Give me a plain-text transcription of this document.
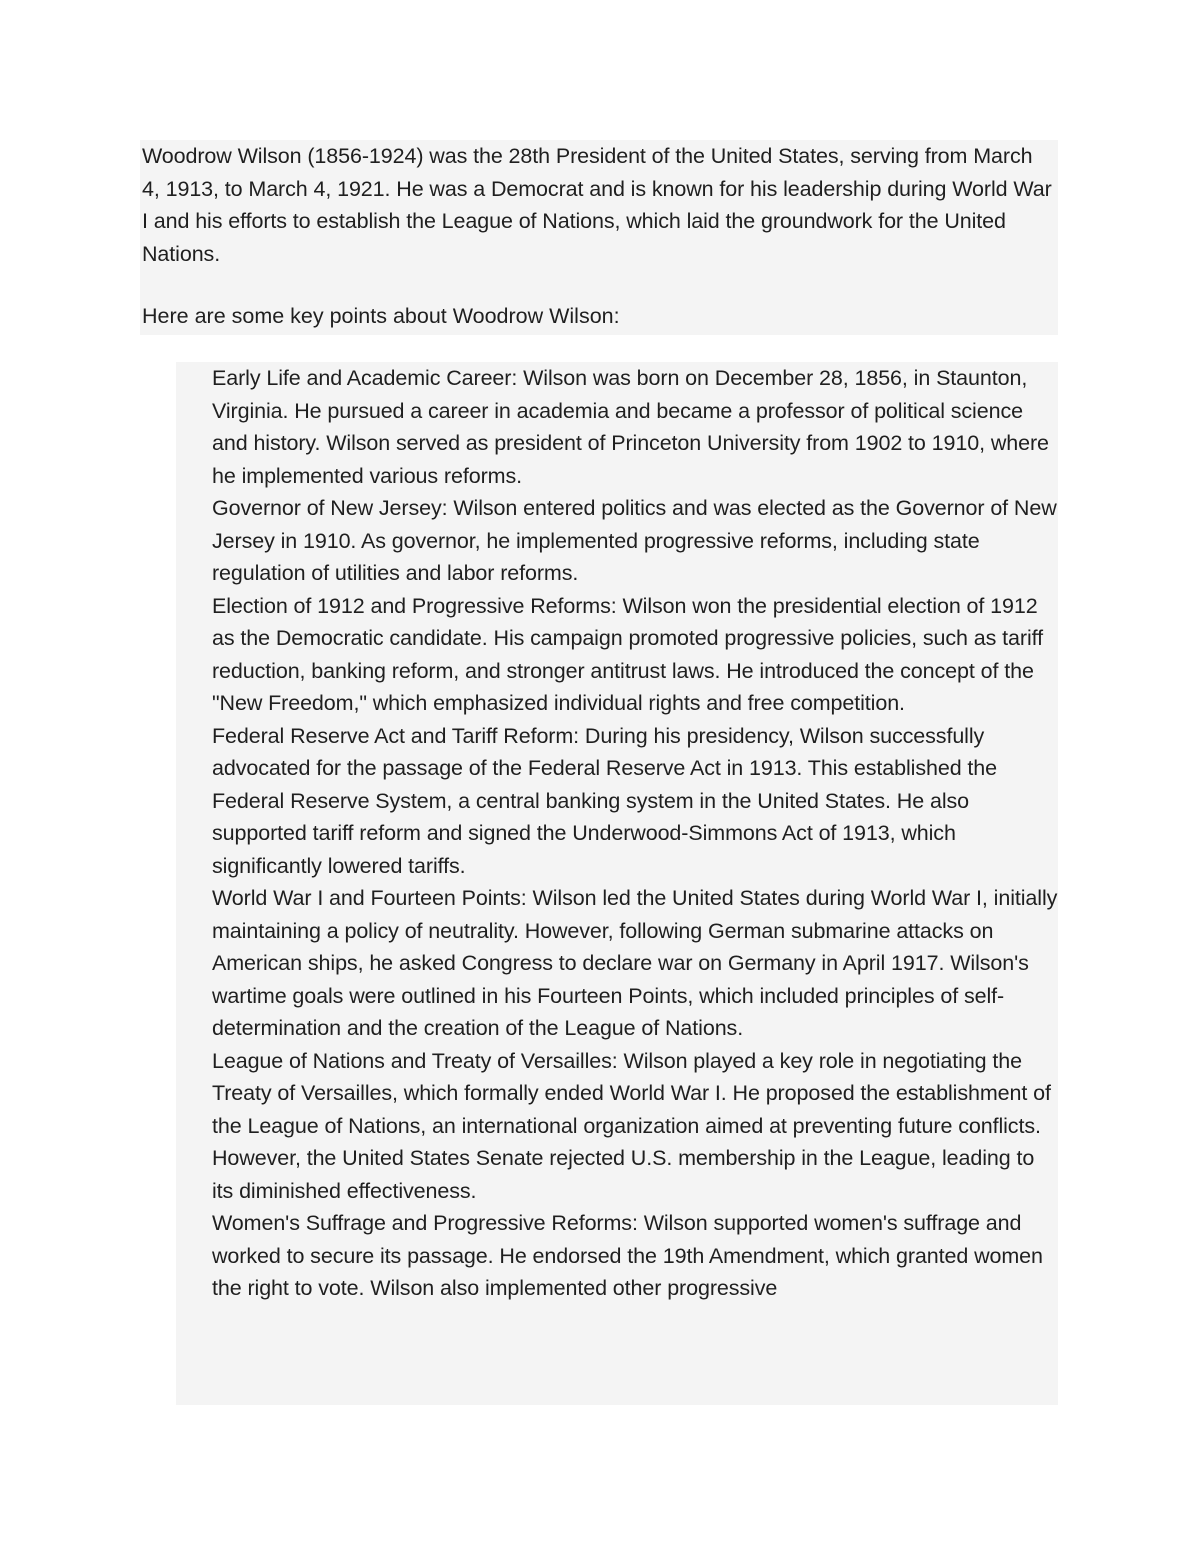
Woodrow Wilson (1856-1924) was the 28th President of the United States, serving from March 4, 1913, to March 4, 1921. He was a Democrat and is known for his leadership during World War I and his efforts to establish the League of Nations, which laid the groundwork for the United Nations.

Here are some key points about Woodrow Wilson:

Early Life and Academic Career: Wilson was born on December 28, 1856, in Staunton, Virginia. He pursued a career in academia and became a professor of political science and history. Wilson served as president of Princeton University from 1902 to 1910, where he implemented various reforms.
Governor of New Jersey: Wilson entered politics and was elected as the Governor of New Jersey in 1910. As governor, he implemented progressive reforms, including state regulation of utilities and labor reforms.
Election of 1912 and Progressive Reforms: Wilson won the presidential election of 1912 as the Democratic candidate. His campaign promoted progressive policies, such as tariff reduction, banking reform, and stronger antitrust laws. He introduced the concept of the "New Freedom," which emphasized individual rights and free competition.
Federal Reserve Act and Tariff Reform: During his presidency, Wilson successfully advocated for the passage of the Federal Reserve Act in 1913. This established the Federal Reserve System, a central banking system in the United States. He also supported tariff reform and signed the Underwood-Simmons Act of 1913, which significantly lowered tariffs.
World War I and Fourteen Points: Wilson led the United States during World War I, initially maintaining a policy of neutrality. However, following German submarine attacks on American ships, he asked Congress to declare war on Germany in April 1917. Wilson's wartime goals were outlined in his Fourteen Points, which included principles of self-determination and the creation of the League of Nations.
League of Nations and Treaty of Versailles: Wilson played a key role in negotiating the Treaty of Versailles, which formally ended World War I. He proposed the establishment of the League of Nations, an international organization aimed at preventing future conflicts. However, the United States Senate rejected U.S. membership in the League, leading to its diminished effectiveness.
Women's Suffrage and Progressive Reforms: Wilson supported women's suffrage and worked to secure its passage. He endorsed the 19th Amendment, which granted women the right to vote. Wilson also implemented other progressive
